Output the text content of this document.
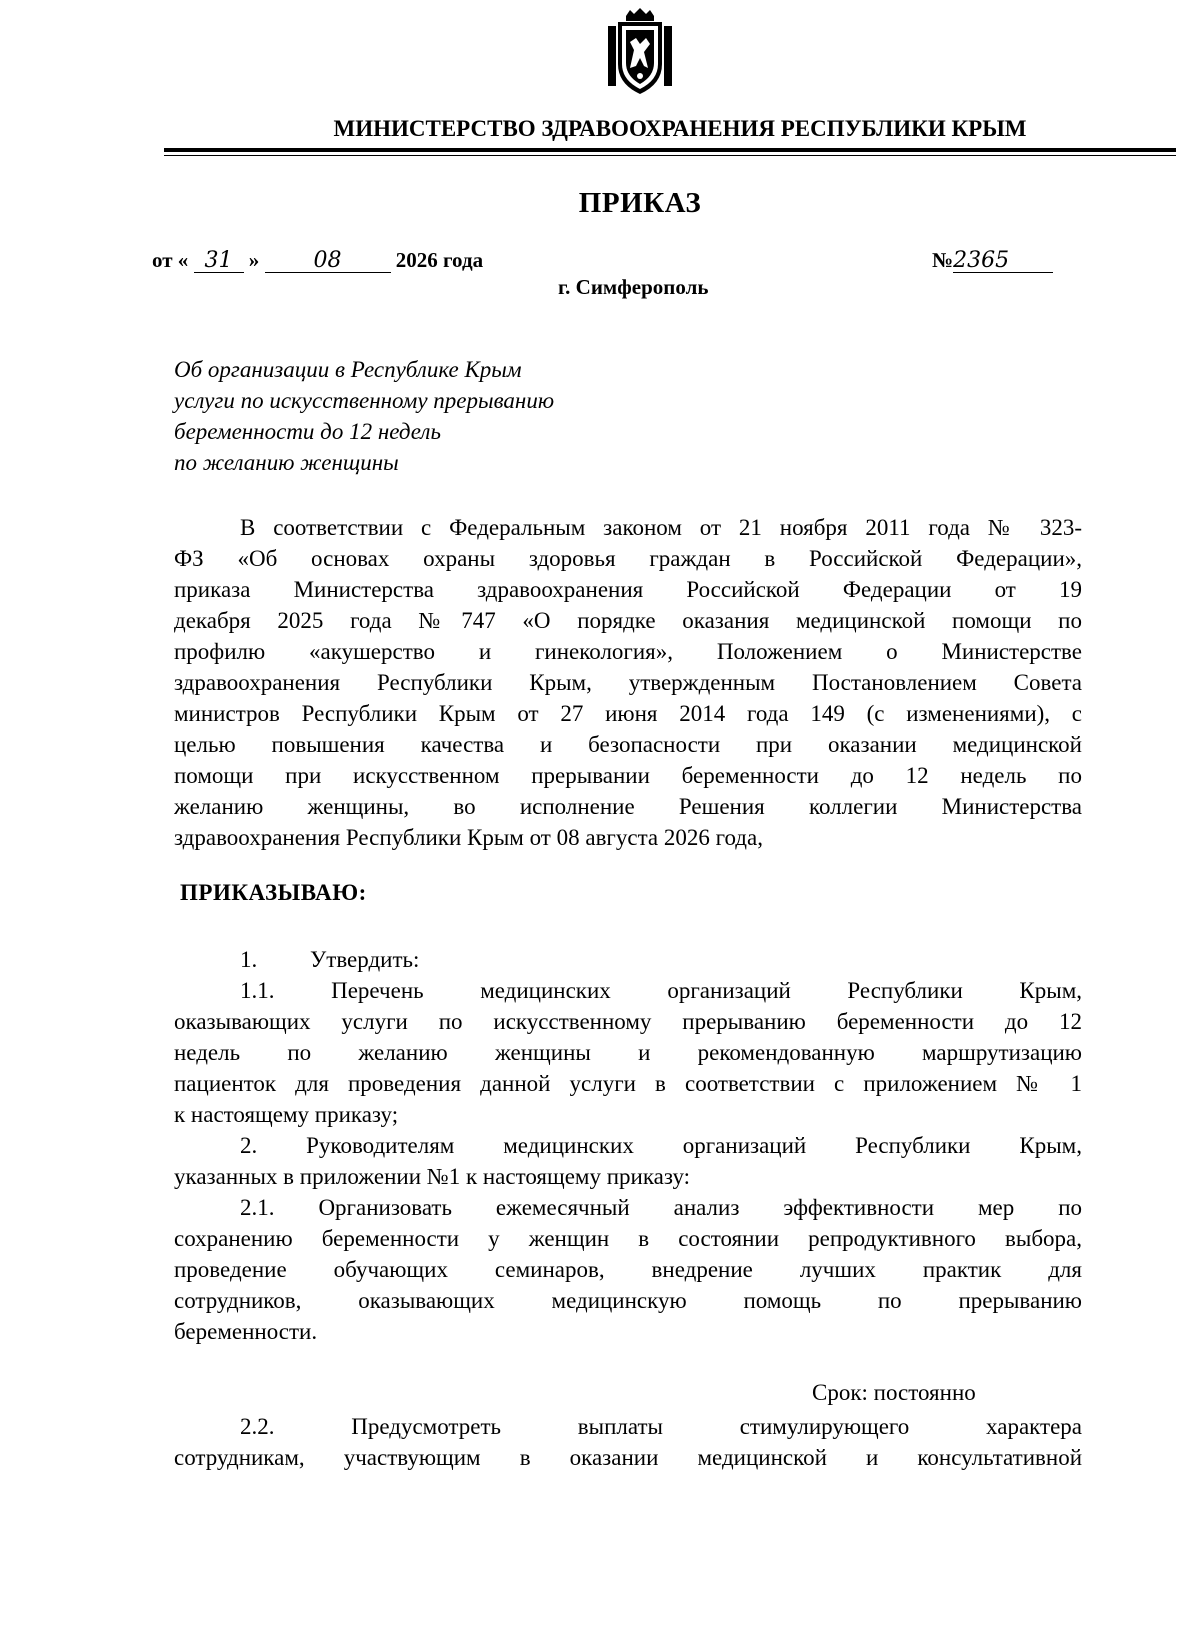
МИНИСТЕРСТВО ЗДРАВООХРАНЕНИЯ РЕСПУБЛИКИ КРЫМ
ПРИКАЗ
от « 31 » 08	2026 года	№2365
г. Симферополь
Об организации в Республике Крым
услуги по искусственному прерыванию
беременности до 12 недель
по желанию женщины
В соответствии с Федеральным законом от 21 ноября 2011 года № 323-
ФЗ «Об основах охраны здоровья граждан в Российской Федерации»,
приказа Министерства здравоохранения Российской Федерации от 19
декабря 2025 года №747 «О порядке оказания медицинской помощи по
профилю «акушерство и гинекология», Положением о Министерстве
здравоохранения Республики Крым, утвержденным Постановлением Совета
министров Республики Крым от 27 июня 2014 года 149 (с изменениями), с
целью повышения качества и безопасности при оказании медицинской
помощи при искусственном прерывании беременности до 12 недель по
желанию женщины, во исполнение Решения коллегии Министерства
здравоохранения Республики Крым от 08 августа 2026 года,
ПРИКАЗЫВАЮ:
1. Утвердить:
1.1. Перечень медицинских организаций Республики Крым,
оказывающих услуги по искусственному прерыванию беременности до 12
недель по желанию женщины и рекомендованную маршрутизацию
пациенток для проведения данной услуги в соответствии с приложением № 1
к настоящему приказу;
2. Руководителям медицинских организаций Республики Крым,
указанных в приложении №1 к настоящему приказу:
2.1. Организовать ежемесячный анализ эффективности мер по
сохранению беременности у женщин в состоянии репродуктивного выбора,
проведение обучающих семинаров, внедрение лучших практик для
сотрудников, оказывающих медицинскую помощь по прерыванию
беременности.
Срок: постоянно
2.2. Предусмотреть выплаты стимулирующего характера
сотрудникам, участвующим в оказании медицинской и консультативной
